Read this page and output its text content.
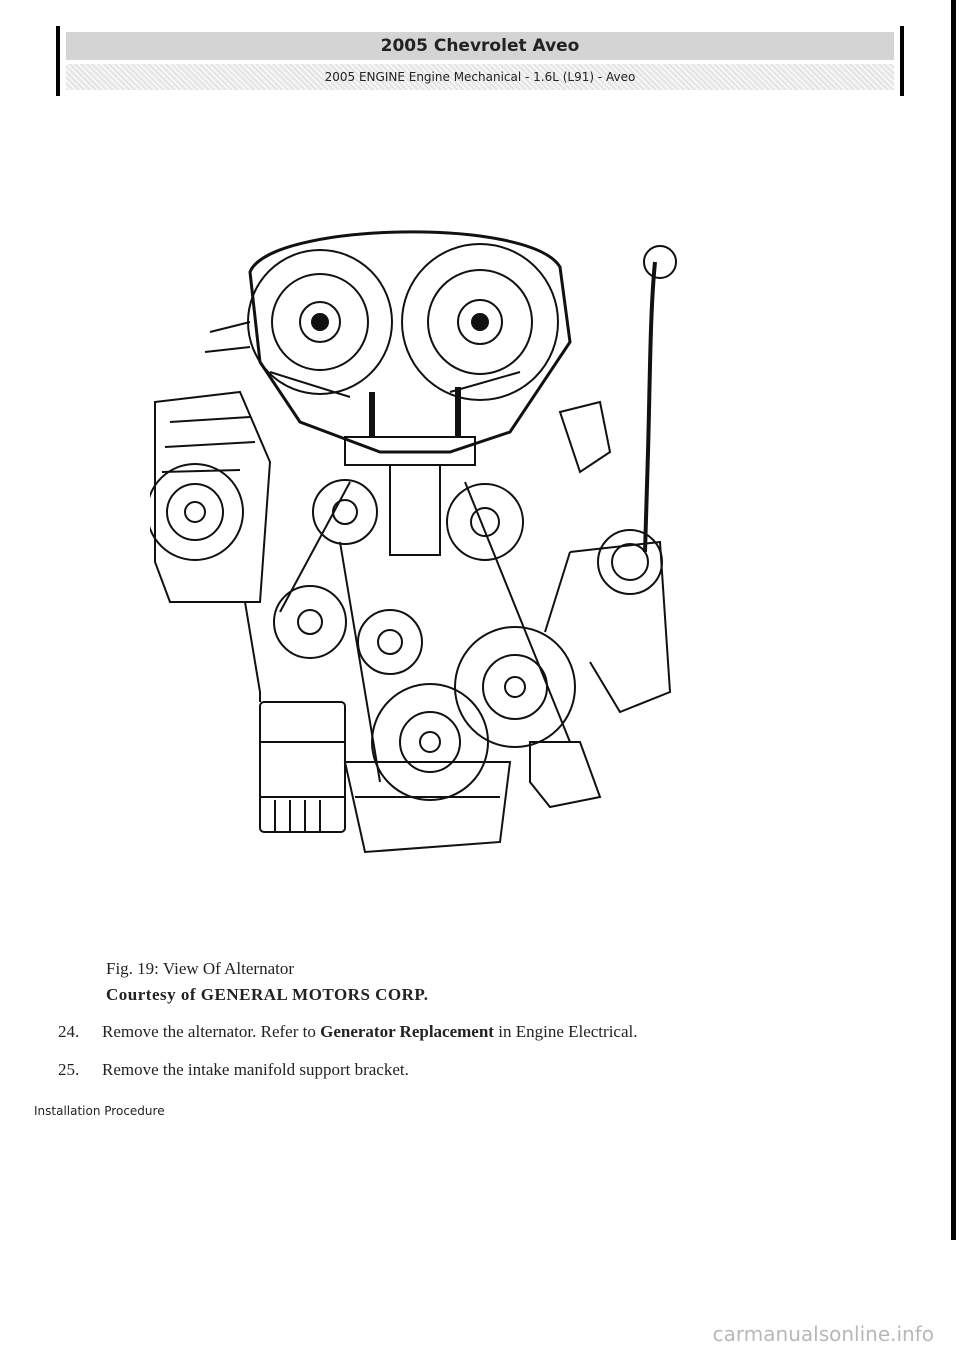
2005 Chevrolet Aveo
2005 ENGINE Engine Mechanical - 1.6L (L91) - Aveo
Fig. 19: View Of Alternator
Courtesy of GENERAL MOTORS CORP.
24.	Remove the alternator. Refer to Generator Replacement in Engine Electrical.
25.	Remove the intake manifold support bracket.
Installation Procedure
carmanualsonline.info
